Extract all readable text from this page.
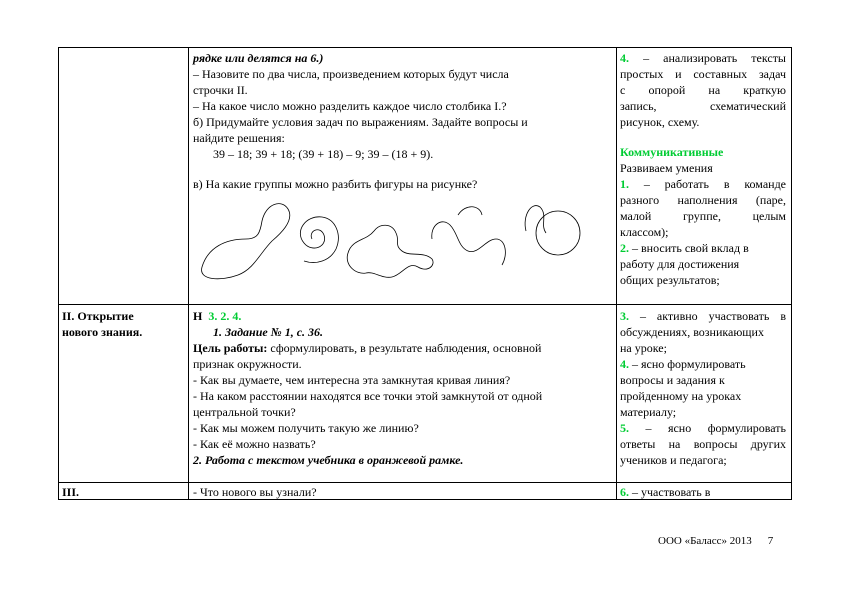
рядке или делятся на 6.)
– Назовите по два числа, произведением которых будут числа
строчки II.
– На какое число можно разделить каждое число столбика I.?
б) Придумайте условия задач по выражениям. Задайте вопросы и
найдите решения:
39 – 18; 39 + 18; (39 + 18) – 9; 39 – (18 + 9).
в) На какие группы можно разбить фигуры на рисунке?
4. – анализировать тексты
простых и составных задач
с опорой на краткую
запись, схематический
рисунок, схему.
Коммуникативные
Развиваем умения
1. – работать в команде
разного наполнения (паре,
малой группе, целым
классом);
2. – вносить свой вклад в
работу для достижения
общих результатов;
II. Открытие
нового знания.
Н 3. 2. 4.
1. Задание № 1, с. 36.
Цель работы: сформулировать, в результате наблюдения, основной
признак окружности.
- Как вы думаете, чем интересна эта замкнутая кривая линия?
- На каком расстоянии находятся все точки этой замкнутой от одной
центральной точки?
- Как мы можем получить такую же линию?
- Как её можно назвать?
2. Работа с текстом учебника в оранжевой рамке.
3. – активно участвовать в
обсуждениях, возникающих
на уроке;
4. – ясно формулировать
вопросы и задания к
пройденному на уроках
материалу;
5. – ясно формулировать
ответы на вопросы других
учеников и педагога;
III.	- Что нового вы узнали?	6. – участвовать в
ООО «Баласс» 2013 7
